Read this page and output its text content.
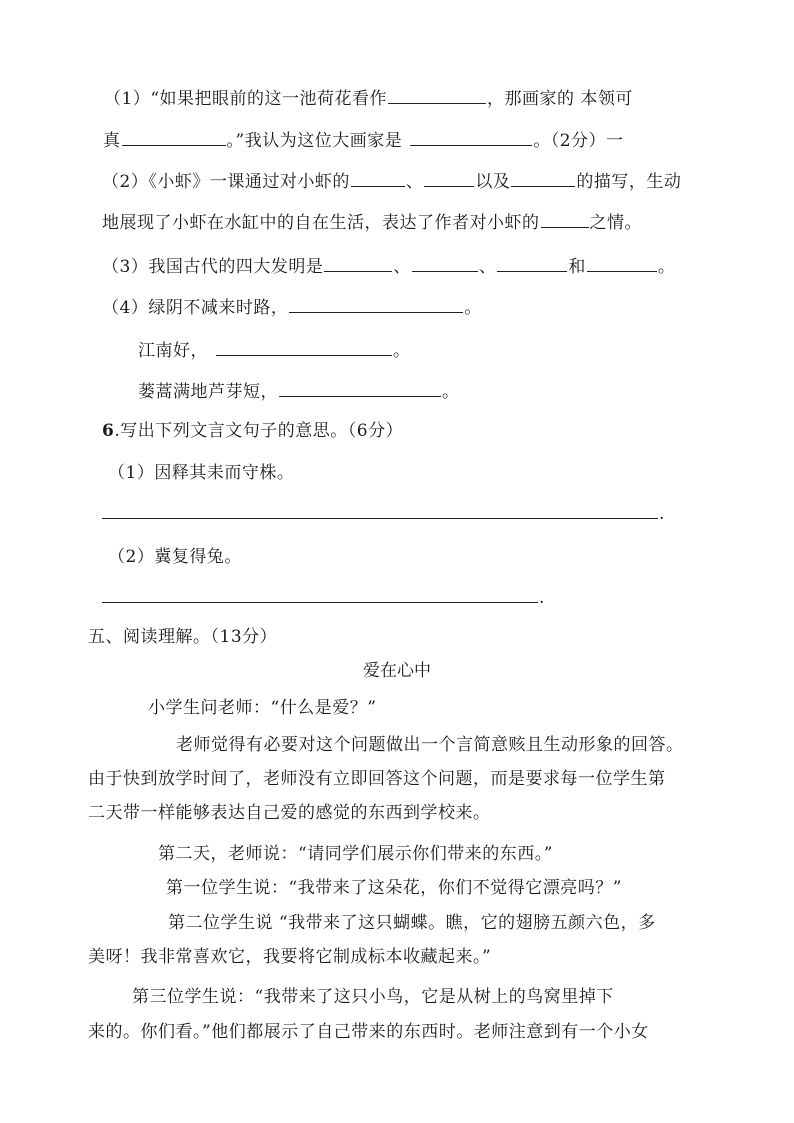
（1）“如果把眼前的这一池荷花看作	，那画家的 本领可
真	。”我认为这位大画家是	。（2分）一
（2）《小虾》一课通过对小虾的	、	以及	的描写，生动
地展现了小虾在水缸中的自在生活，表达了作者对小虾的	之情。
（3）我国古代的四大发明是	、	、	和	。
（4）绿阴不减来时路，	。
江南好，	。
蒌蒿满地芦芽短，	。
6.写出下列文言文句子的意思。（6分）
（1）因释其耒而守株。
.
（2）冀复得兔。
.
五、阅读理解。（13分）
爱在心中
小学生问老师：“什么是爱？”
老师觉得有必要对这个问题做出一个言简意赅且生动形象的回答。
由于快到放学时间了，老师没有立即回答这个问题，而是要求每一位学生第
二天带一样能够表达自己爱的感觉的东西到学校来。
第二天，老师说：“请同学们展示你们带来的东西。”
第一位学生说：“我带来了这朵花，你们不觉得它漂亮吗？”
第二位学生说 “我带来了这只蝴蝶。瞧，它的翅膀五颜六色，多
美呀！我非常喜欢它，我要将它制成标本收藏起来。”
第三位学生说：“我带来了这只小鸟，它是从树上的鸟窝里掉下
来的。你们看。”他们都展示了自己带来的东西时。老师注意到有一个小女
